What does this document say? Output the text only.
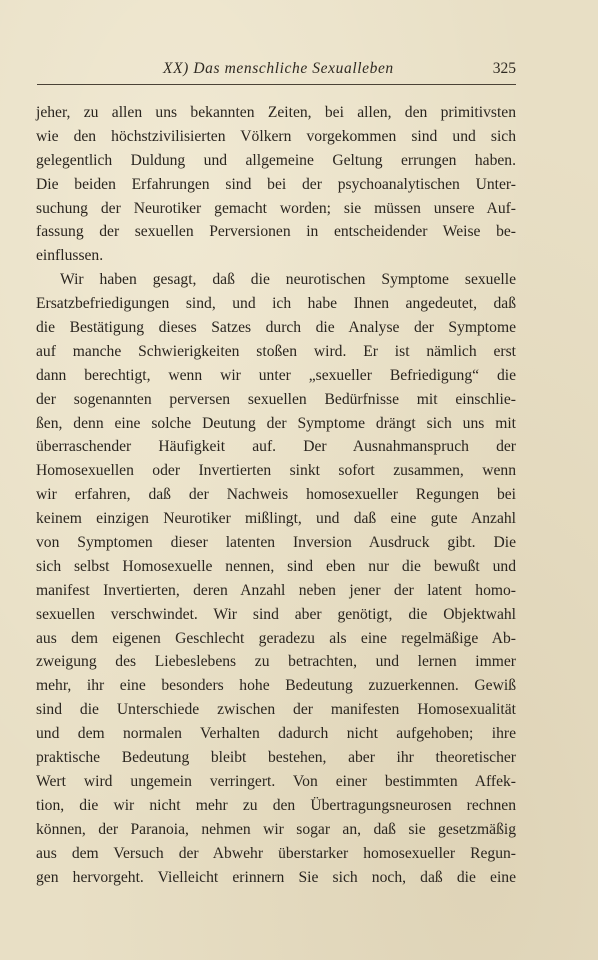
XX) Das menschliche Sexualleben	325
jeher, zu allen uns bekannten Zeiten, bei allen, den primitivsten
wie den höchstzivilisierten Völkern vorgekommen sind und sich
gelegentlich Duldung und allgemeine Geltung errungen haben.
Die beiden Erfahrungen sind bei der psychoanalytischen Unter-
suchung der Neurotiker gemacht worden; sie müssen unsere Auf-
fassung der sexuellen Perversionen in entscheidender Weise be-
einflussen.
Wir haben gesagt, daß die neurotischen Symptome sexuelle
Ersatzbefriedigungen sind, und ich habe Ihnen angedeutet, daß
die Bestätigung dieses Satzes durch die Analyse der Symptome
auf manche Schwierigkeiten stoßen wird. Er ist nämlich erst
dann berechtigt, wenn wir unter „sexueller Befriedigung“ die
der sogenannten perversen sexuellen Bedürfnisse mit einschlie-
ßen, denn eine solche Deutung der Symptome drängt sich uns mit
überraschender Häufigkeit auf. Der Ausnahmanspruch der
Homosexuellen oder Invertierten sinkt sofort zusammen, wenn
wir erfahren, daß der Nachweis homosexueller Regungen bei
keinem einzigen Neurotiker mißlingt, und daß eine gute Anzahl
von Symptomen dieser latenten Inversion Ausdruck gibt. Die
sich selbst Homosexuelle nennen, sind eben nur die bewußt und
manifest Invertierten, deren Anzahl neben jener der latent homo-
sexuellen verschwindet. Wir sind aber genötigt, die Objektwahl
aus dem eigenen Geschlecht geradezu als eine regelmäßige Ab-
zweigung des Liebeslebens zu betrachten, und lernen immer
mehr, ihr eine besonders hohe Bedeutung zuzuerkennen. Gewiß
sind die Unterschiede zwischen der manifesten Homosexualität
und dem normalen Verhalten dadurch nicht aufgehoben; ihre
praktische Bedeutung bleibt bestehen, aber ihr theoretischer
Wert wird ungemein verringert. Von einer bestimmten Affek-
tion, die wir nicht mehr zu den Übertragungsneurosen rechnen
können, der Paranoia, nehmen wir sogar an, daß sie gesetzmäßig
aus dem Versuch der Abwehr überstarker homosexueller Regun-
gen hervorgeht. Vielleicht erinnern Sie sich noch, daß die eine
